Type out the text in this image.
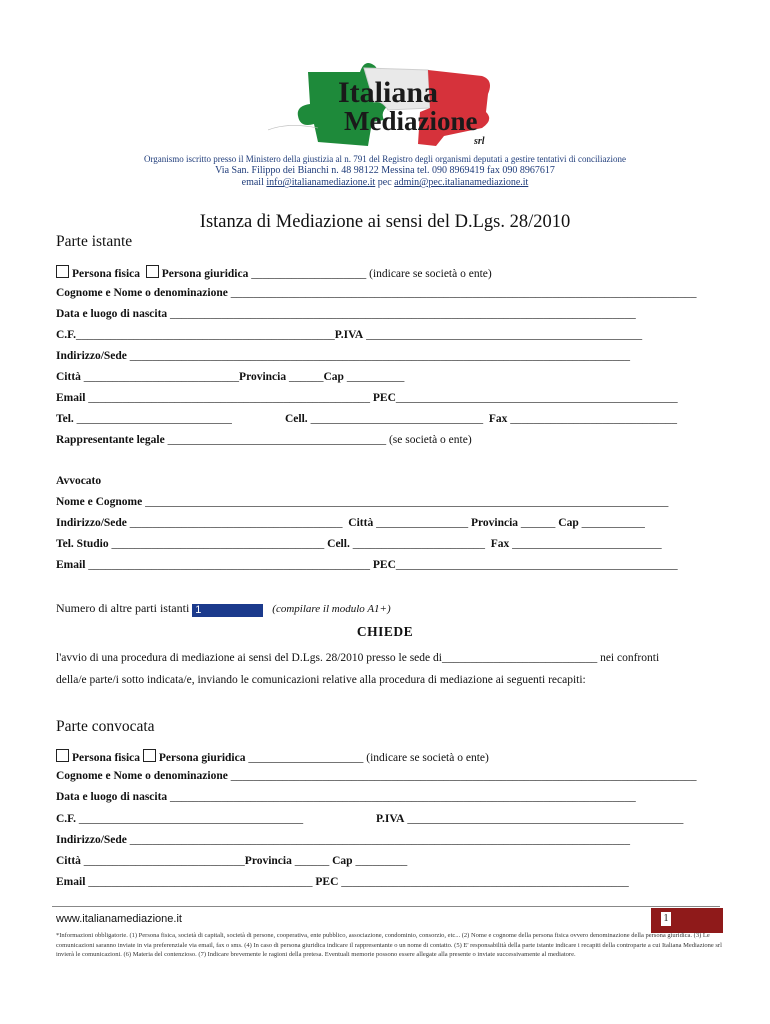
Italiana
Mediazione
srl
Organismo iscritto presso il Ministero della giustizia al n. 791 del Registro degli organismi deputati a gestire tentativi di conciliazione
Via San. Filippo dei Bianchi n. 48 98122 Messina tel. 090 8969419 fax 090 8967617
email info@italianamediazione.it pec admin@pec.italianamediazione.it
Istanza di Mediazione ai sensi del D.Lgs. 28/2010
Parte istante
Persona fisica Persona giuridica ____________________ (indicare se società o ente)
Cognome e Nome o denominazione _________________________________________________________________________________
Data e luogo di nascita _________________________________________________________________________________
C.F._____________________________________________P.IVA ________________________________________________
Indirizzo/Sede _______________________________________________________________________________________
Città ___________________________Provincia ______Cap __________
Email _________________________________________________ PEC_________________________________________________
Tel. ___________________________	Cell. ______________________________ Fax _____________________________
Rappresentante legale ______________________________________ (se società o ente)
Avvocato
Nome e Cognome ___________________________________________________________________________________________
Indirizzo/Sede _____________________________________ Città ________________ Provincia ______ Cap ___________
Tel. Studio _____________________________________ Cell. _______________________ Fax __________________________
Email _________________________________________________ PEC_________________________________________________
Numero di altre parti istanti 1	(compilare il modulo A1+)
CHIEDE
l'avvio di una procedura di mediazione ai sensi del D.Lgs. 28/2010 presso le sede di___________________________ nei confronti
della/e parte/i sotto indicata/e, inviando le comunicazioni relative alla procedura di mediazione ai seguenti recapiti:
Parte convocata
Persona fisica Persona giuridica ____________________ (indicare se società o ente)
Cognome e Nome o denominazione _________________________________________________________________________________
Data e luogo di nascita _________________________________________________________________________________
C.F. _______________________________________	P.IVA ________________________________________________
Indirizzo/Sede _______________________________________________________________________________________
Città ____________________________Provincia ______ Cap _________
Email _______________________________________ PEC __________________________________________________
www.italianamediazione.it	1
*Informazioni obbligatorie. (1) Persona fisica, società di capitali, società di persone, cooperativa, ente pubblico, associazione, condominio, consorzio, etc... (2) Nome e cognome della persona fisica ovvero denominazione della persona giuridica. (3) Le comunicazioni saranno inviate in via preferenziale via email, fax o sms. (4) In caso di persona giuridica indicare il rappresentante o un nome di contatto. (5) E' responsabilità della parte istante indicare i recapiti della controparte a cui Italiana Mediazione srl invierà le comunicazioni. (6) Materia del contenzioso. (7) Indicare brevemente le ragioni della pretesa. Eventuali memorie possono essere allegate alla presente o inviate successivamente al mediatore.
